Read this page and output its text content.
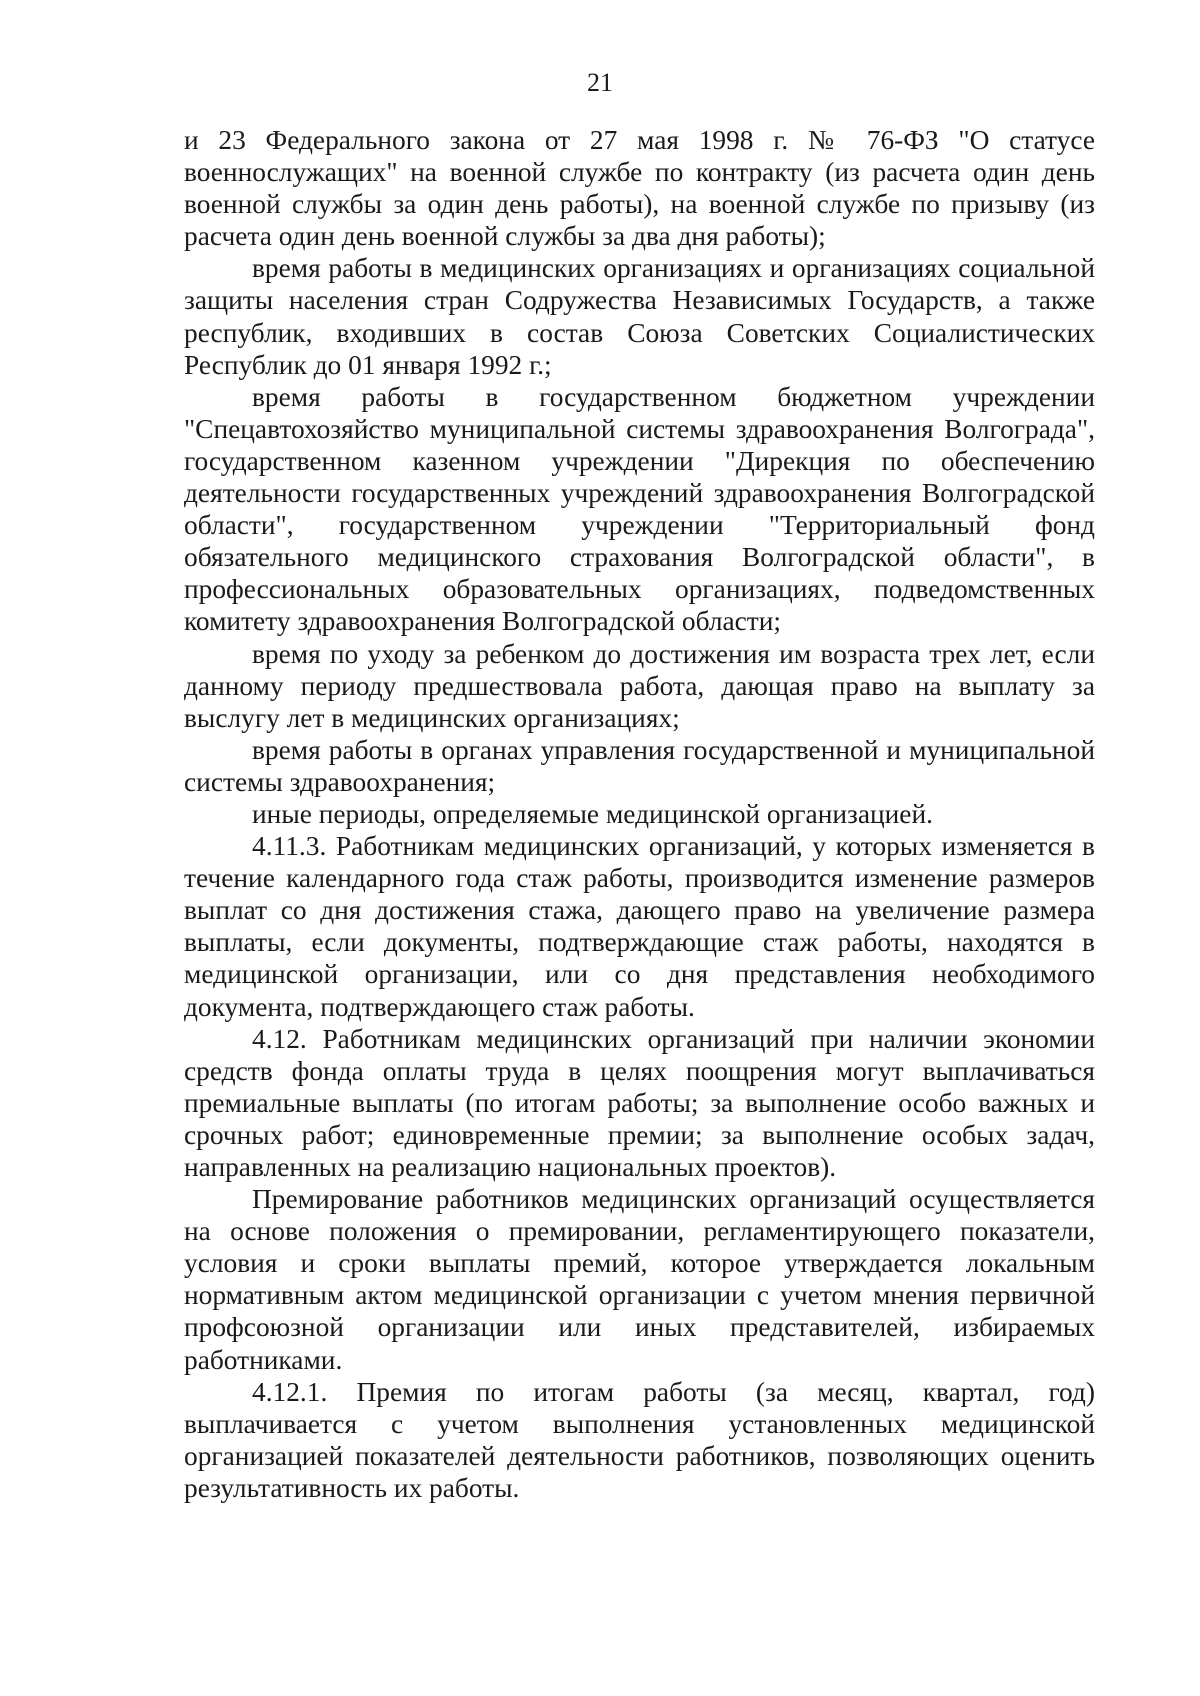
21

и 23 Федерального закона от 27 мая 1998 г. № 76-ФЗ "О статусе военнослужащих" на военной службе по контракту (из расчета один день военной службы за один день работы), на военной службе по призыву (из расчета один день военной службы за два дня работы);

время работы в медицинских организациях и организациях социальной защиты населения стран Содружества Независимых Государств, а также республик, входивших в состав Союза Советских Социалистических Республик до 01 января 1992 г.;

время работы в государственном бюджетном учреждении "Спецавтохозяйство муниципальной системы здравоохранения Волгограда", государственном казенном учреждении "Дирекция по обеспечению деятельности государственных учреждений здравоохранения Волгоградской области", государственном учреждении "Территориальный фонд обязательного медицинского страхования Волгоградской области", в профессиональных образовательных организациях, подведомственных комитету здравоохранения Волгоградской области;

время по уходу за ребенком до достижения им возраста трех лет, если данному периоду предшествовала работа, дающая право на выплату за выслугу лет в медицинских организациях;

время работы в органах управления государственной и муниципальной системы здравоохранения;

иные периоды, определяемые медицинской организацией.

4.11.3. Работникам медицинских организаций, у которых изменяется в течение календарного года стаж работы, производится изменение размеров выплат со дня достижения стажа, дающего право на увеличение размера выплаты, если документы, подтверждающие стаж работы, находятся в медицинской организации, или со дня представления необходимого документа, подтверждающего стаж работы.

4.12. Работникам медицинских организаций при наличии экономии средств фонда оплаты труда в целях поощрения могут выплачиваться премиальные выплаты (по итогам работы; за выполнение особо важных и срочных работ; единовременные премии; за выполнение особых задач, направленных на реализацию национальных проектов).

Премирование работников медицинских организаций осуществляется на основе положения о премировании, регламентирующего показатели, условия и сроки выплаты премий, которое утверждается локальным нормативным актом медицинской организации с учетом мнения первичной профсоюзной организации или иных представителей, избираемых работниками.

4.12.1. Премия по итогам работы (за месяц, квартал, год) выплачивается с учетом выполнения установленных медицинской организацией показателей деятельности работников, позволяющих оценить результативность их работы.
